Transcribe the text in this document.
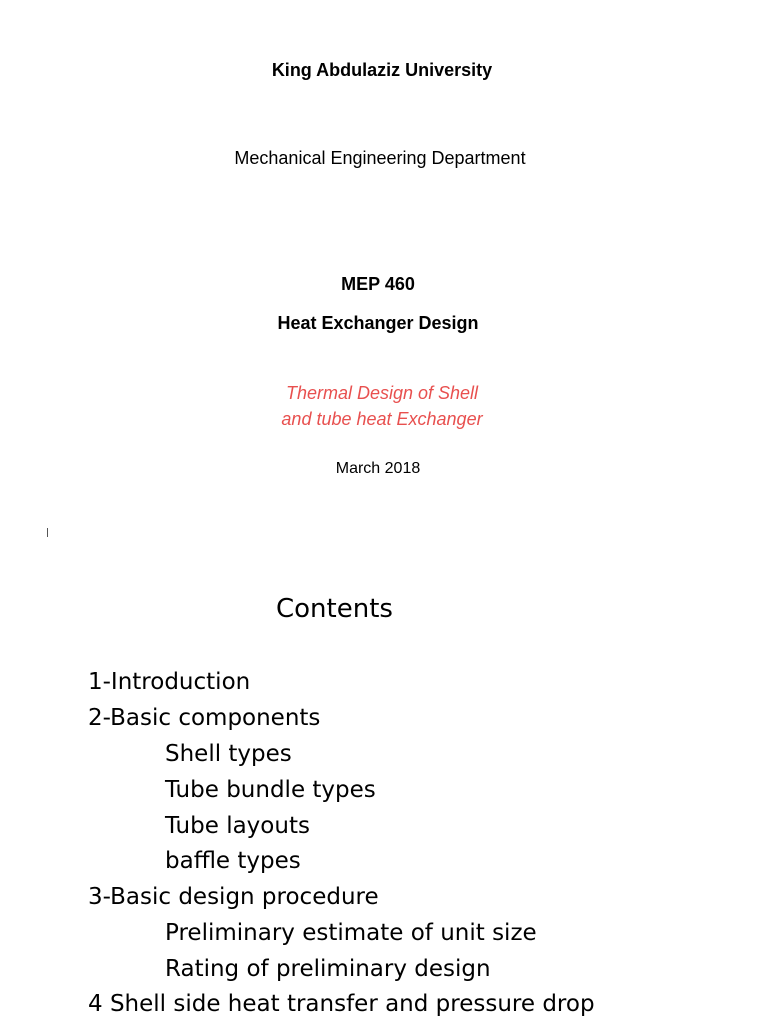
King Abdulaziz University
Mechanical Engineering Department
MEP 460
Heat Exchanger Design
Thermal Design of Shell
and tube heat Exchanger
March 2018
Contents
1-Introduction
2-Basic components
Shell types
Tube bundle types
Tube layouts
baffle types
3-Basic design procedure
Preliminary estimate of unit size
Rating of preliminary design
4 Shell side heat transfer and pressure drop
